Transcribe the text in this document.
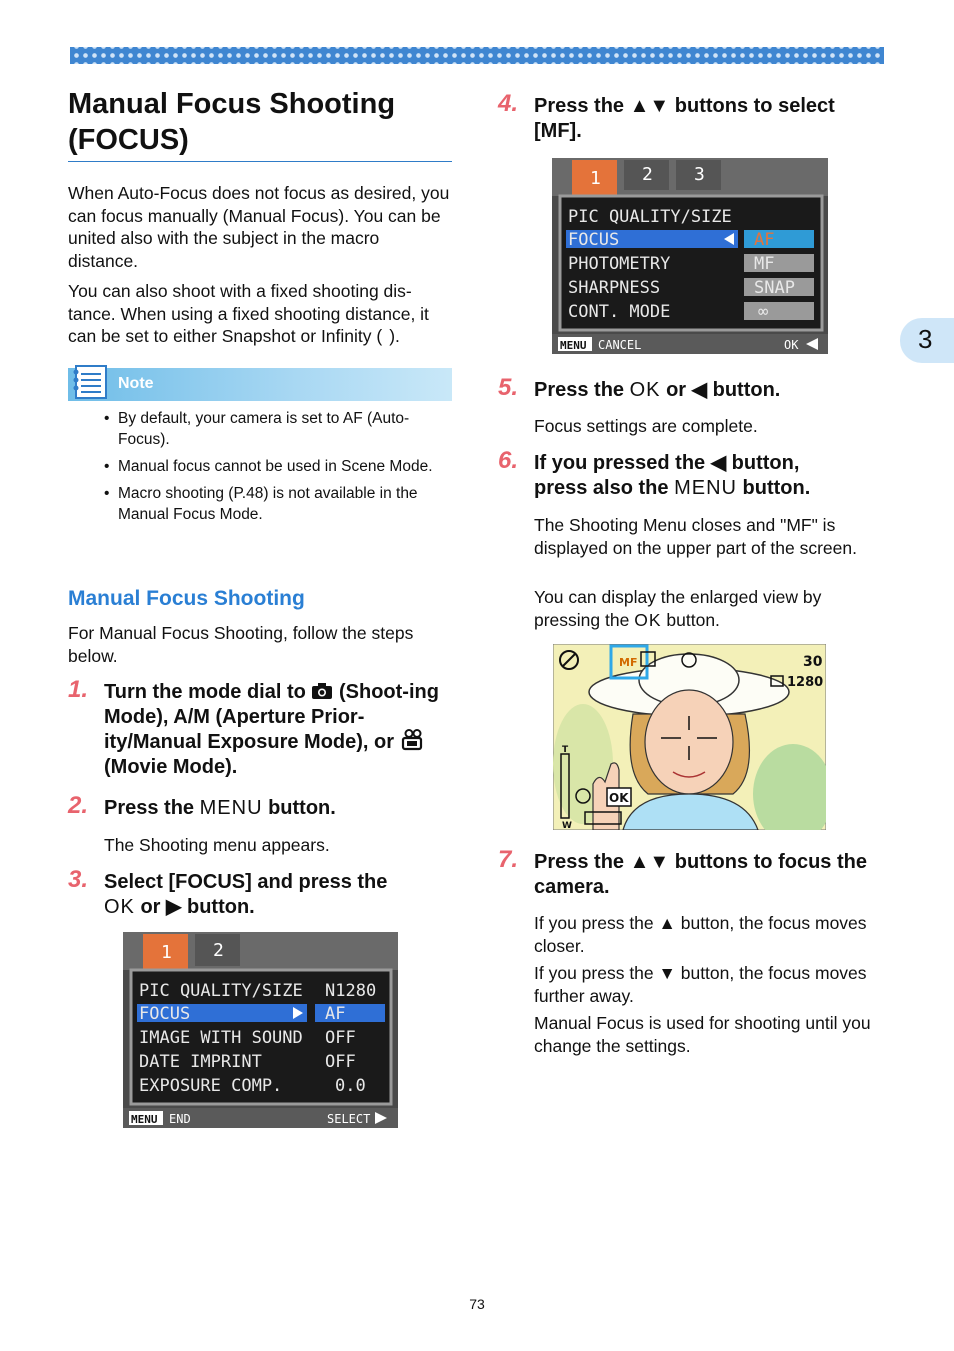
3
Manual Focus Shooting (FOCUS)
When Auto-Focus does not focus as desired, you can focus manually (Manual Focus). You can be united also with the subject in the macro distance.
You can also shoot with a fixed shooting dis-tance. When using a fixed shooting distance, it can be set to either Snapshot or Infinity (  ).
Note
• By default, your camera is set to AF (Auto-Focus).
• Manual focus cannot be used in Scene Mode.
• Macro shooting (P.48) is not available in the Manual Focus Mode.
Manual Focus Shooting
For Manual Focus Shooting, follow the steps below.
1. Turn the mode dial to (Shoot-ing Mode), A/M (Aperture Prior-ity/Manual Exposure Mode), or  (Movie Mode).
2. Press the MENU button.
The Shooting menu appears.
3. Select [FOCUS] and press the
OK or ▶ button.
1 2
PIC QUALITY/SIZE N1280
FOCUS	AF
IMAGE WITH SOUND OFF
DATE IMPRINT	OFF
EXPOSURE COMP.	0.0
MENU END	SELECT
4. Press the ▲▼ buttons to select [MF].
1 2 3
PIC QUALITY/SIZE
FOCUS	AF
PHOTOMETRY	MF
SHARPNESS	SNAP
CONT. MODE	∞
MENU CANCEL	OK
5. Press the OK or ◀ button.
Focus settings are complete.
6. If you pressed the ◀ button,
press also the MENU button.
The Shooting Menu closes and "MF" is displayed on the upper part of the screen.
You can display the enlarged view by pressing the OK button.
MF	30
1280
T
W
OK
7. Press the ▲▼ buttons to focus the camera.
If you press the ▲ button, the focus moves closer.
If you press the ▼ button, the focus moves further away.
Manual Focus is used for shooting until you change the settings.
73
